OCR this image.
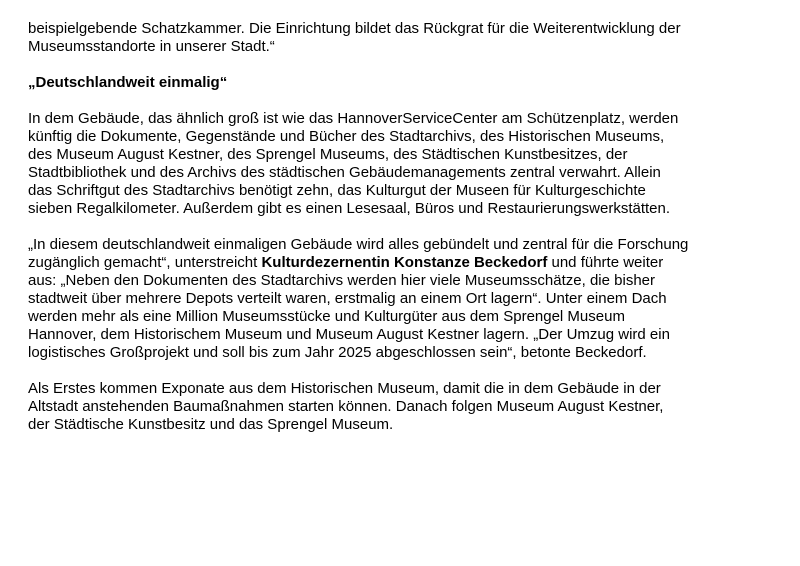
beispielgebende Schatzkammer. Die Einrichtung bildet das Rückgrat für die Weiterentwicklung der
Museumsstandorte in unserer Stadt.“

„Deutschlandweit einmalig“

In dem Gebäude, das ähnlich groß ist wie das HannoverServiceCenter am Schützenplatz, werden
künftig die Dokumente, Gegenstände und Bücher des Stadtarchivs, des Historischen Museums,
des Museum August Kestner, des Sprengel Museums, des Städtischen Kunstbesitzes, der
Stadtbibliothek und des Archivs des städtischen Gebäudemanagements zentral verwahrt. Allein
das Schriftgut des Stadtarchivs benötigt zehn, das Kulturgut der Museen für Kulturgeschichte
sieben Regalkilometer. Außerdem gibt es einen Lesesaal, Büros und Restaurierungswerkstätten.

„In diesem deutschlandweit einmaligen Gebäude wird alles gebündelt und zentral für die Forschung
zugänglich gemacht“, unterstreicht Kulturdezernentin Konstanze Beckedorf und führte weiter
aus: „Neben den Dokumenten des Stadtarchivs werden hier viele Museumsschätze, die bisher
stadtweit über mehrere Depots verteilt waren, erstmalig an einem Ort lagern“. Unter einem Dach
werden mehr als eine Million Museumsstücke und Kulturgüter aus dem Sprengel Museum
Hannover, dem Historischem Museum und Museum August Kestner lagern. „Der Umzug wird ein
logistisches Großprojekt und soll bis zum Jahr 2025 abgeschlossen sein“, betonte Beckedorf.

Als Erstes kommen Exponate aus dem Historischen Museum, damit die in dem Gebäude in der
Altstadt anstehenden Baumaßnahmen starten können. Danach folgen Museum August Kestner,
der Städtische Kunstbesitz und das Sprengel Museum.
